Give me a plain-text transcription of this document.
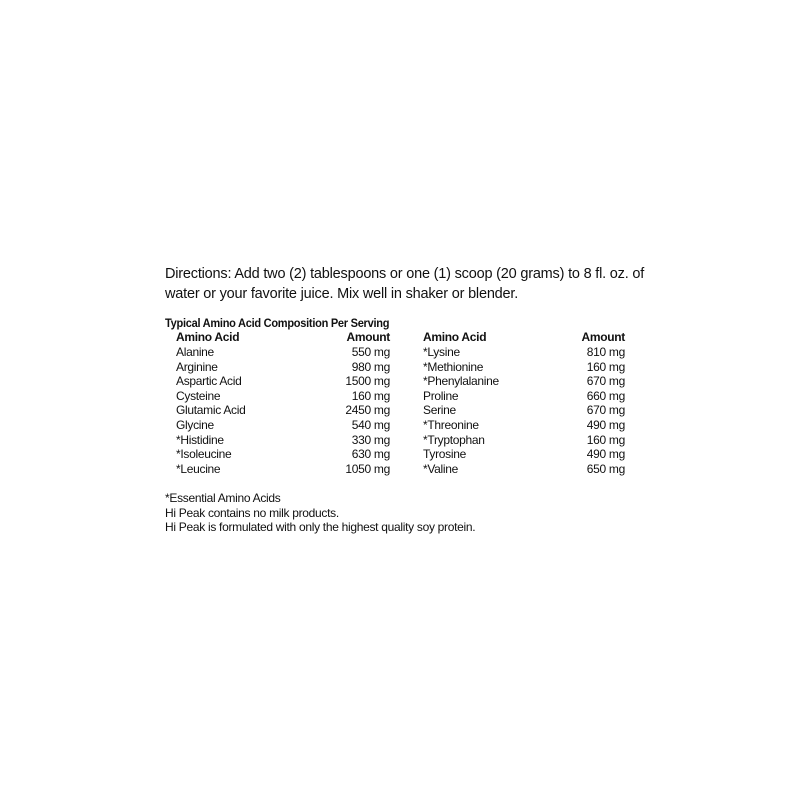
Directions: Add two (2) tablespoons or one (1) scoop (20 grams) to 8 fl. oz. of water or your favorite juice. Mix well in shaker or blender.
Typical Amino Acid Composition Per Serving
Amino Acid	Amount
Alanine	550 mg
Arginine	980 mg
Aspartic Acid	1500 mg
Cysteine	160 mg
Glutamic Acid	2450 mg
Glycine	540 mg
*Histidine	330 mg
*Isoleucine	630 mg
*Leucine	1050 mg
Amino Acid	Amount
*Lysine	810 mg
*Methionine	160 mg
*Phenylalanine	670 mg
Proline	660 mg
Serine	670 mg
*Threonine	490 mg
*Tryptophan	160 mg
Tyrosine	490 mg
*Valine	650 mg
*Essential Amino Acids
Hi Peak contains no milk products.
Hi Peak is formulated with only the highest quality soy protein.
